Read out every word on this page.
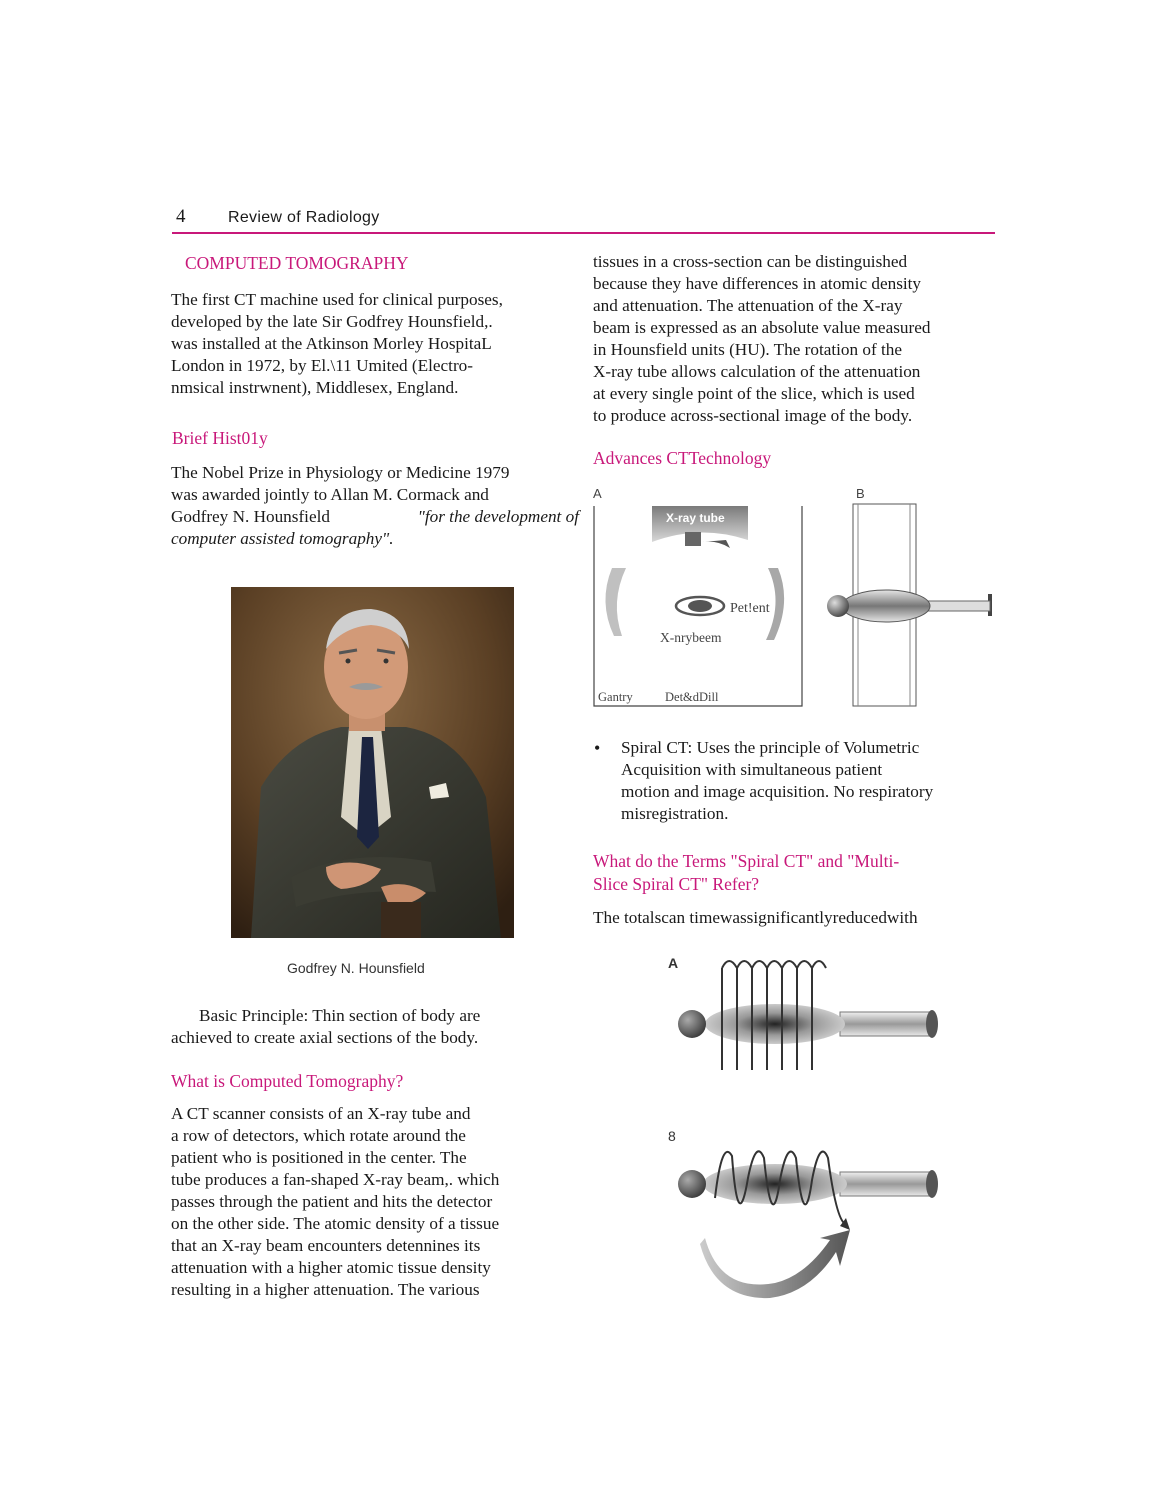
4	Review of Radiology
COMPUTED TOMOGRAPHY
The first CT machine used for clinical purposes,
developed by the late Sir Godfrey Hounsfield,.
was installed at the Atkinson Morley HospitaL
London in 1972, by El.\11 Umited (Electro-
nmsical instrwnent), Middlesex, England.
Brief Hist01y
The Nobel Prize in Physiology or Medicine 1979
was awarded jointly to Allan M. Cormack and
Godfrey N. Hounsfield	"for the development of
computer assisted tomography".
Godfrey N. Hounsfield
Basic Principle: Thin section of body are
achieved to create axial sections of the body.
What is Computed Tomography?
A CT scanner consists of an X-ray tube and
a row of detectors, which rotate around the
patient who is positioned in the center. The
tube produces a fan-shaped X-ray beam,. which
passes through the patient and hits the detector
on the other side. The atomic density of a tissue
that an X-ray beam encounters detennines its
attenuation with a higher atomic tissue density
resulting in a higher attenuation. The various
tissues in a cross-section can be distinguished
because they have differences in atomic density
and attenuation. The attenuation of the X-ray
beam is expressed as an absolute value measured
in Hounsfield units (HU). The rotation of the
X-ray tube allows calculation of the attenuation
at every single point of the slice, which is used
to produce across-sectional image of the body.
Advances CTTechnology
A	B
X-ray tube
Pet!ent
X-nrybeem
Gantry	Det&dDill
• Spiral CT: Uses the principle of Volumetric
Acquisition with simultaneous patient
motion and image acquisition. No respiratory
misregistration.
What do the Terms "Spiral CT" and "Multi-
Slice Spiral CT" Refer?
The totalscan timewassignificantlyreducedwith
A
8
